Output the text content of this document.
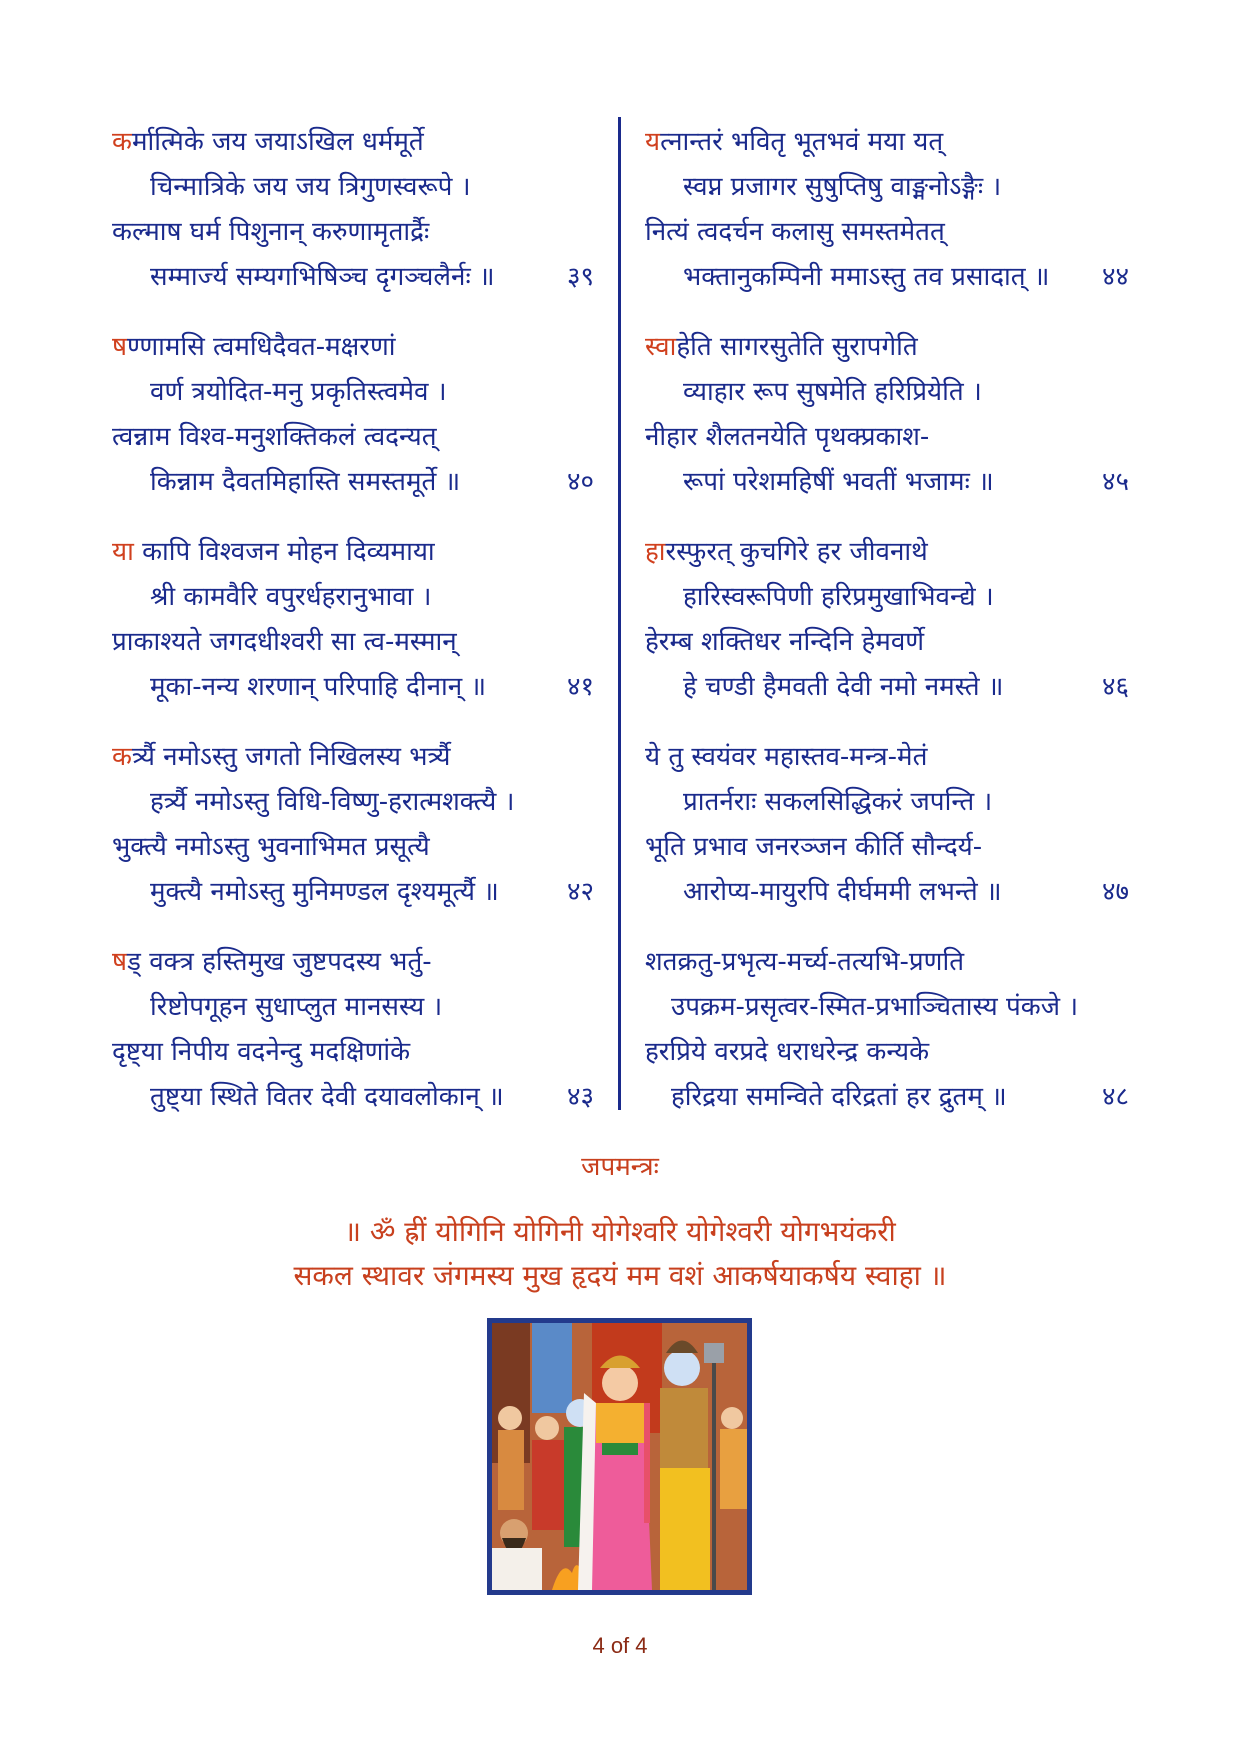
कर्मात्मिके जय जयाऽखिल धर्ममूर्ते
चिन्मात्रिके जय जय त्रिगुणस्वरूपे ।
कल्माष घर्म पिशुनान् करुणामृतार्द्रैः
सम्मार्ज्य सम्यगभिषिञ्च दृगञ्चलैर्नः ॥	३९
षण्णामसि त्वमधिदैवत-मक्षरणां
वर्ण त्रयोदित-मनु प्रकृतिस्त्वमेव ।
त्वन्नाम विश्व-मनुशक्तिकलं त्वदन्यत्
किन्नाम दैवतमिहास्ति समस्तमूर्ते ॥	४०
या कापि विश्वजन मोहन दिव्यमाया
श्री कामवैरि वपुरर्धहरानुभावा ।
प्राकाश्यते जगदधीश्वरी सा त्व-मस्मान्
मूका-नन्य शरणान् परिपाहि दीनान् ॥	४१
कर्त्र्यै नमोऽस्तु जगतो निखिलस्य भर्त्र्यै
हर्त्र्यै नमोऽस्तु विधि-विष्णु-हरात्मशक्त्यै ।
भुक्त्यै नमोऽस्तु भुवनाभिमत प्रसूत्यै
मुक्त्यै नमोऽस्तु मुनिमण्डल दृश्यमूर्त्यै ॥	४२
षड् वक्त्र हस्तिमुख जुष्टपदस्य भर्तु-
रिष्टोपगूहन सुधाप्लुत मानसस्य ।
दृष्ट्या निपीय वदनेन्दु मदक्षिणांके
तुष्ट्या स्थिते वितर देवी दयावलोकान् ॥ ४३
यत्नान्तरं भवितृ भूतभवं मया यत्
स्वप्न प्रजागर सुषुप्तिषु वाङ्मनोऽङ्गैः ।
नित्यं त्वदर्चन कलासु समस्तमेतत्
भक्तानुकम्पिनी ममाऽस्तु तव प्रसादात् ॥ ४४
स्वाहेति सागरसुतेति सुरापगेति
व्याहार रूप सुषमेति हरिप्रियेति ।
नीहार शैलतनयेति पृथक्प्रकाश-
रूपां परेशमहिषीं भवतीं भजामः ॥	४५
हारस्फुरत् कुचगिरे हर जीवनाथे
हारिस्वरूपिणी हरिप्रमुखाभिवन्द्ये ।
हेरम्ब शक्तिधर नन्दिनि हेमवर्णे
हे चण्डी हैमवती देवी नमो नमस्ते ॥	४६
ये तु स्वयंवर महास्तव-मन्त्र-मेतं
प्रातर्नराः सकलसिद्धिकरं जपन्ति ।
भूति प्रभाव जनरञ्जन कीर्ति सौन्दर्य-
आरोप्य-मायुरपि दीर्घममी लभन्ते ॥	४७
शतक्रतु-प्रभृत्य-मर्च्य-तत्यभि-प्रणति
उपक्रम-प्रसृत्वर-स्मित-प्रभाञ्चितास्य पंकजे ।
हरप्रिये वरप्रदे धराधरेन्द्र कन्यके
हरिद्रया समन्विते दरिद्रतां हर द्रुतम् ॥	४८
जपमन्त्रः
॥ ॐ ह्रीं योगिनि योगिनी योगेश्वरि योगेश्वरी योगभयंकरी
सकल स्थावर जंगमस्य मुख हृदयं मम वशं आकर्षयाकर्षय स्वाहा ॥
4 of 4
